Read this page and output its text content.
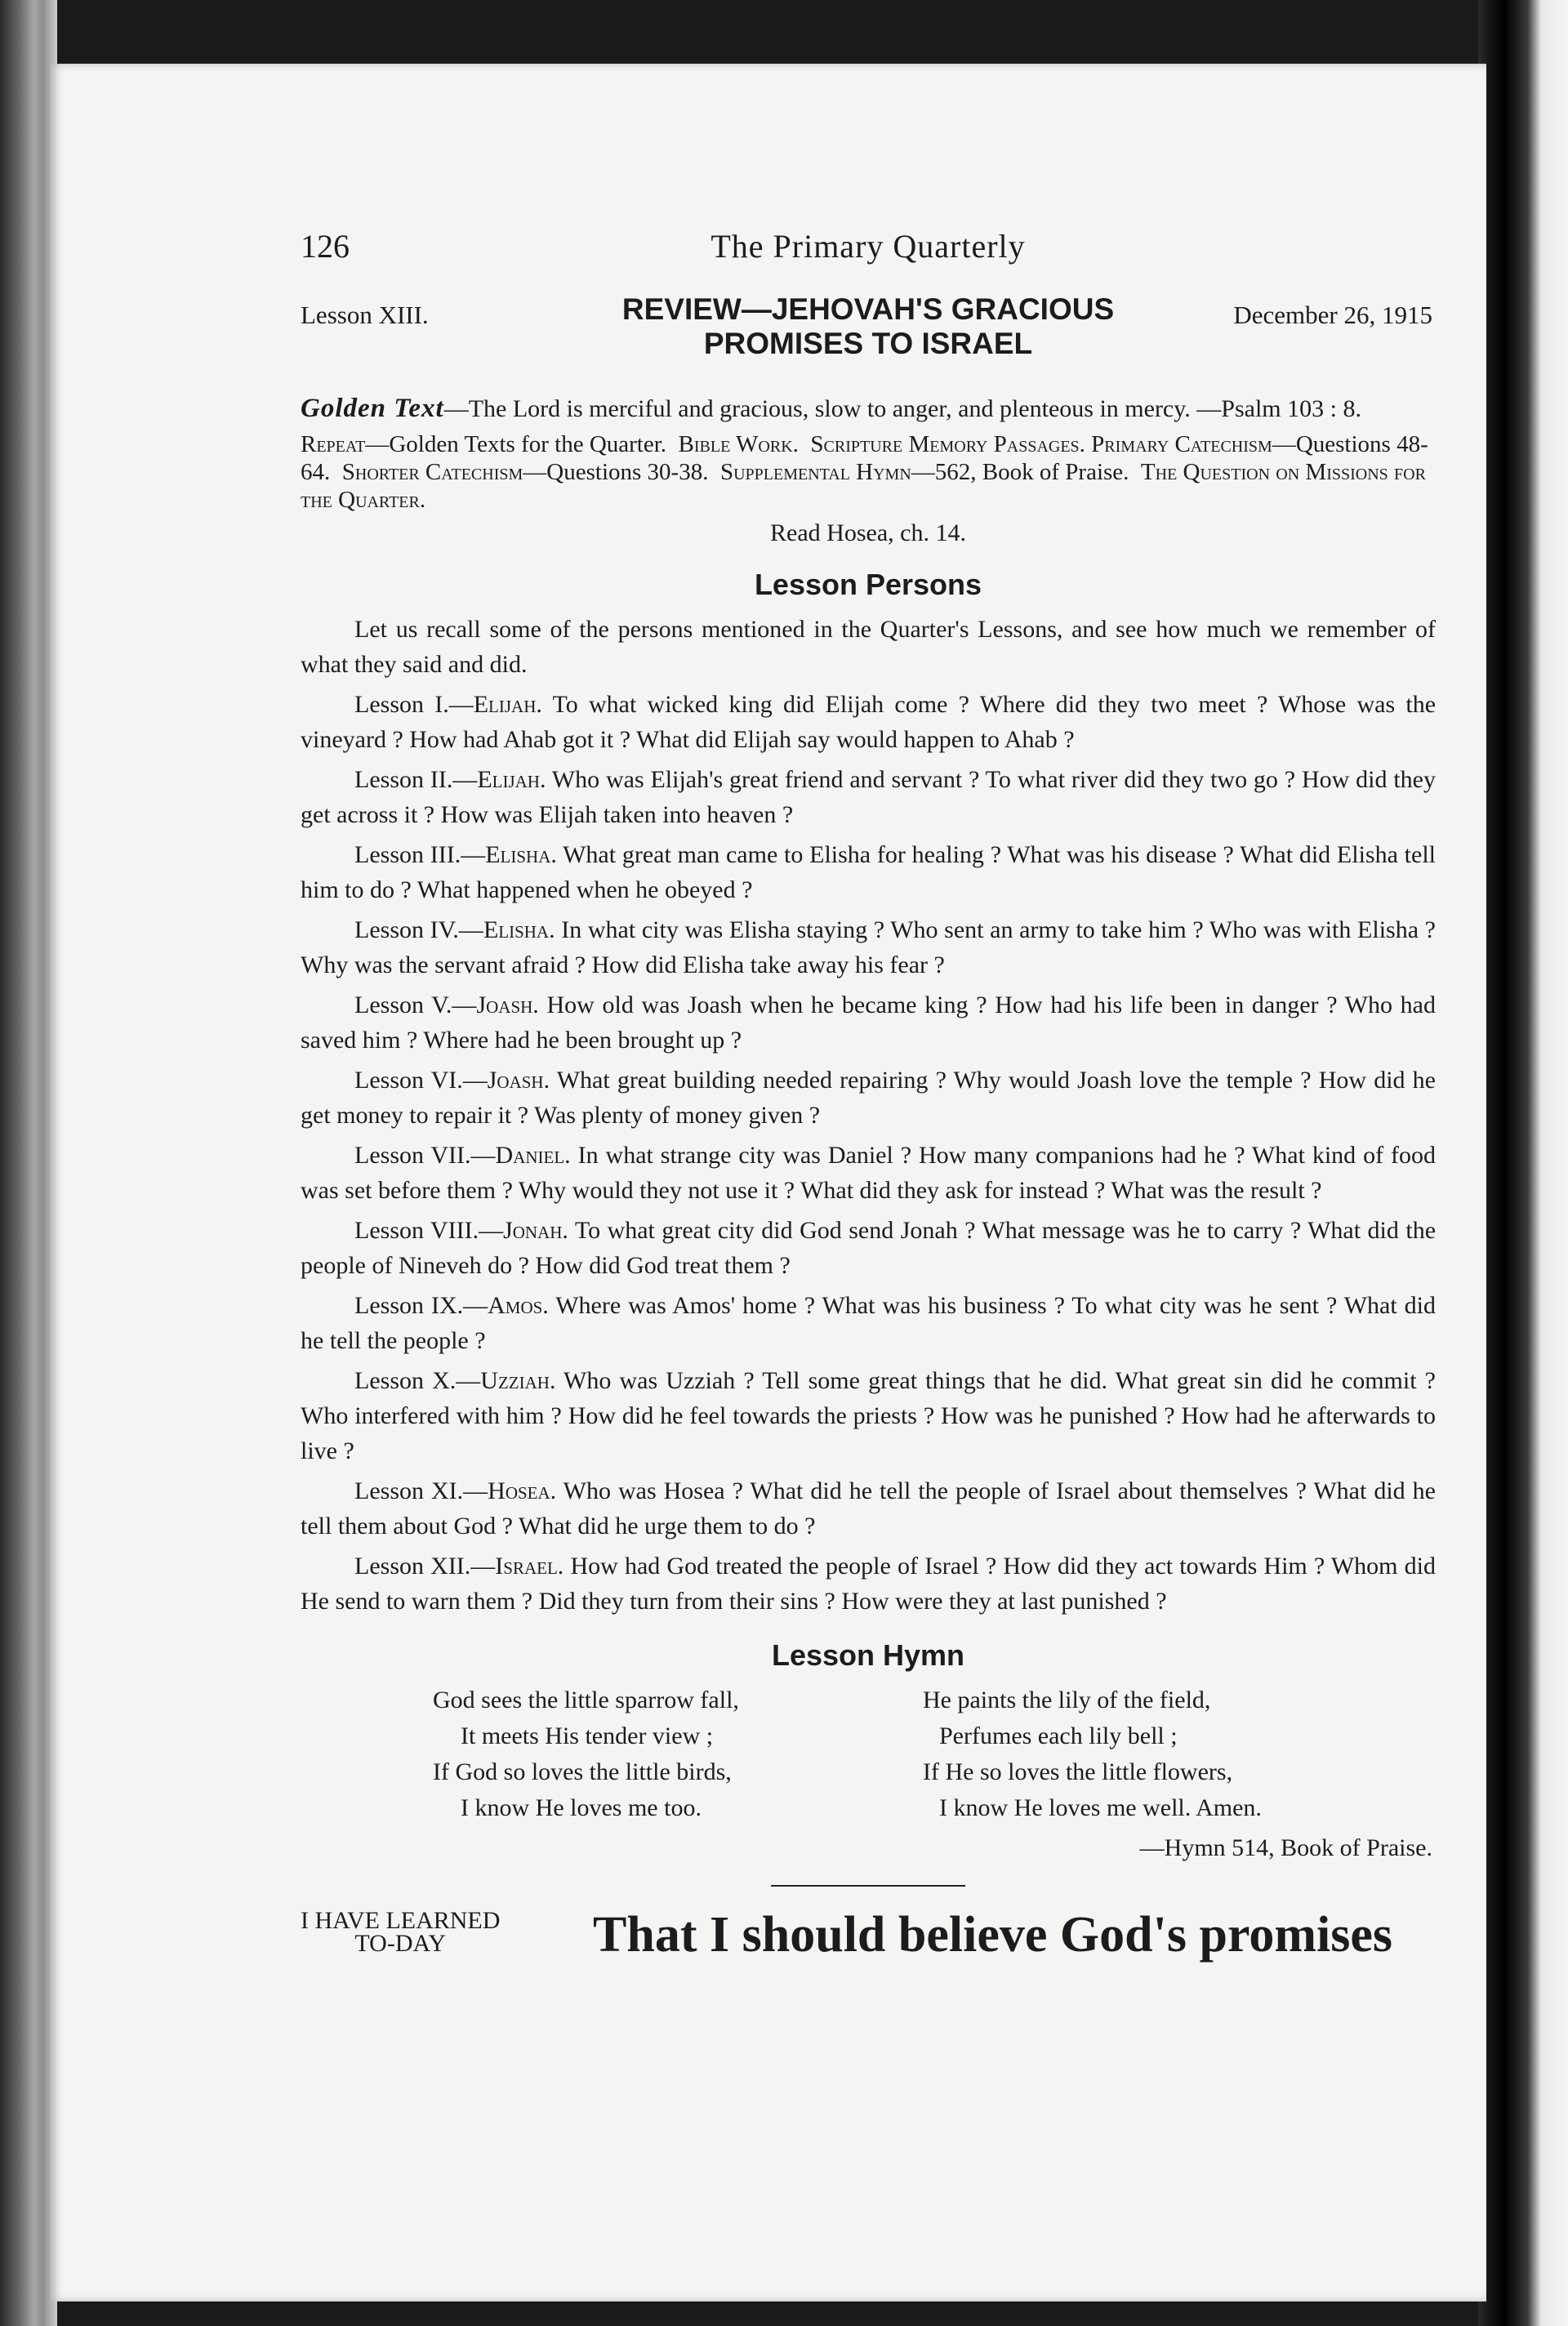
126	The Primary Quarterly
Lesson XIII.	REVIEW—JEHOVAH'S GRACIOUS
PROMISES TO ISRAEL
December 26, 1915

Golden Text—The Lord is merciful and gracious, slow to anger, and plenteous in mercy. —Psalm 103 : 8.

Repeat—Golden Texts for the Quarter. Bible Work. Scripture Memory Passages. Primary Catechism—Questions 48-64. Shorter Catechism—Questions 30-38. Supplemental Hymn—562, Book of Praise. The Question on Missions for the Quarter.

Read Hosea, ch. 14.

Lesson Persons

Let us recall some of the persons mentioned in the Quarter's Lessons, and see how much we remember of what they said and did.

Lesson I.—Elijah. To what wicked king did Elijah come ? Where did they two meet ? Whose was the vineyard ? How had Ahab got it ? What did Elijah say would happen to Ahab ?

Lesson II.—Elijah. Who was Elijah's great friend and servant ? To what river did they two go ? How did they get across it ? How was Elijah taken into heaven ?

Lesson III.—Elisha. What great man came to Elisha for healing ? What was his disease ? What did Elisha tell him to do ? What happened when he obeyed ?

Lesson IV.—Elisha. In what city was Elisha staying ? Who sent an army to take him ? Who was with Elisha ? Why was the servant afraid ? How did Elisha take away his fear ?

Lesson V.—Joash. How old was Joash when he became king ? How had his life been in danger ? Who had saved him ? Where had he been brought up ?

Lesson VI.—Joash. What great building needed repairing ? Why would Joash love the temple ? How did he get money to repair it ? Was plenty of money given ?

Lesson VII.—Daniel. In what strange city was Daniel ? How many companions had he ? What kind of food was set before them ? Why would they not use it ? What did they ask for instead ? What was the result ?

Lesson VIII.—Jonah. To what great city did God send Jonah ? What message was he to carry ? What did the people of Nineveh do ? How did God treat them ?

Lesson IX.—Amos. Where was Amos' home ? What was his business ? To what city was he sent ? What did he tell the people ?

Lesson X.—Uzziah. Who was Uzziah ? Tell some great things that he did. What great sin did he commit ? Who interfered with him ? How did he feel towards the priests ? How was he punished ? How had he afterwards to live ?

Lesson XI.—Hosea. Who was Hosea ? What did he tell the people of Israel about themselves ? What did he tell them about God ? What did he urge them to do ?

Lesson XII.—Israel. How had God treated the people of Israel ? How did they act towards Him ? Whom did He send to warn them ? Did they turn from their sins ? How were they at last punished ?

Lesson Hymn
God sees the little sparrow fall,
It meets His tender view ;
If God so loves the little birds,
I know He loves me too.
He paints the lily of the field,
Perfumes each lily bell ;
If He so loves the little flowers,
I know He loves me well. Amen.

—Hymn 514, Book of Praise.

I HAVE LEARNED
TO-DAY	That I should believe God's promises
